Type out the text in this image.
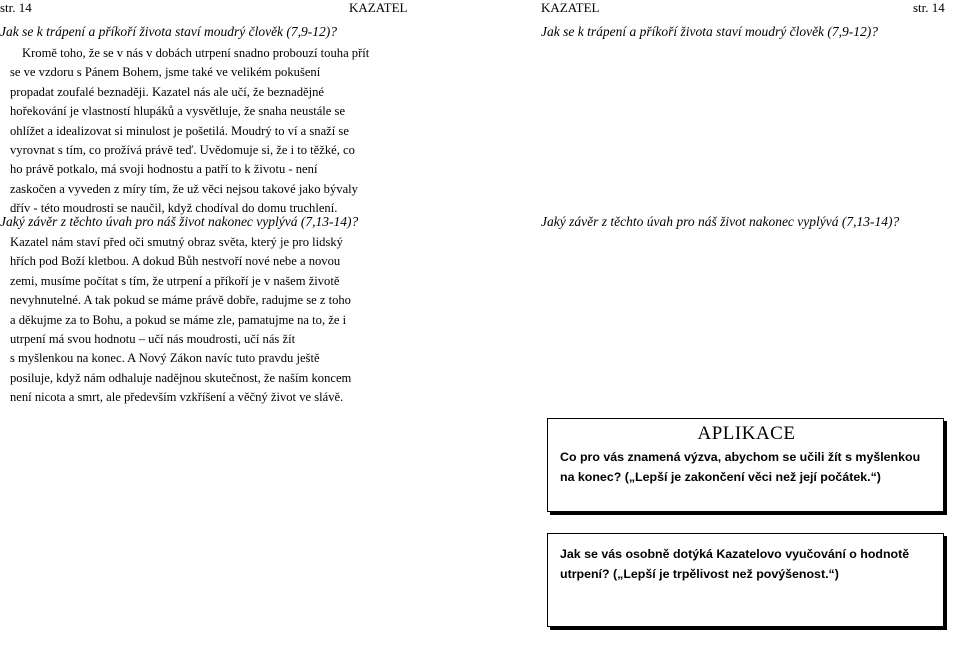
str. 14	KAZATEL
Jak se k trápení a příkoří života staví moudrý člověk (7,9-12)?

Kromě toho, že se v nás v dobách utrpení snadno probouzí touha přít
se ve vzdoru s Pánem Bohem, jsme také ve velikém pokušení
propadat zoufalé beznaději. Kazatel nás ale učí, že beznadějné
hořekování je vlastností hlupáků a vysvětluje, že snaha neustále se
ohlížet a idealizovat si minulost je pošetilá. Moudrý to ví a snaží se
vyrovnat s tím, co prožívá právě teď. Uvědomuje si, že i to těžké, co
ho právě potkalo, má svoji hodnostu a patří to k životu - není
zaskočen a vyveden z míry tím, že už věci nejsou takové jako bývaly
dřív - této moudrosti se naučil, když chodíval do domu truchlení.

Jaký závěr z těchto úvah pro náš život nakonec vyplývá (7,13-14)?

Kazatel nám staví před oči smutný obraz světa, který je pro lidský
hřích pod Boží kletbou. A dokud Bůh nestvoří nové nebe a novou
zemi, musíme počítat s tím, že utrpení a příkoří je v našem životě
nevyhnutelné. A tak pokud se máme právě dobře, radujme se z toho
a děkujme za to Bohu, a pokud se máme zle, pamatujme na to, že i
utrpení má svou hodnotu – učí nás moudrosti, učí nás žít
s myšlenkou na konec. A Nový Zákon navíc tuto pravdu ještě
posiluje, když nám odhaluje nadějnou skutečnost, že naším koncem
není nicota a smrt, ale především vzkříšení a věčný život ve slávě.

KAZATEL	str. 14
Jak se k trápení a příkoří života staví moudrý člověk (7,9-12)?
Jaký závěr z těchto úvah pro náš život nakonec vyplývá (7,13-14)?
APLIKACE
Co pro vás znamená výzva, abychom se učili žít s myšlenkou na konec? („Lepší je zakončení věci než její počátek.“)
Jak se vás osobně dotýká Kazatelovo vyučování o hodnotě utrpení? („Lepší je trpělivost než povýšenost.“)
